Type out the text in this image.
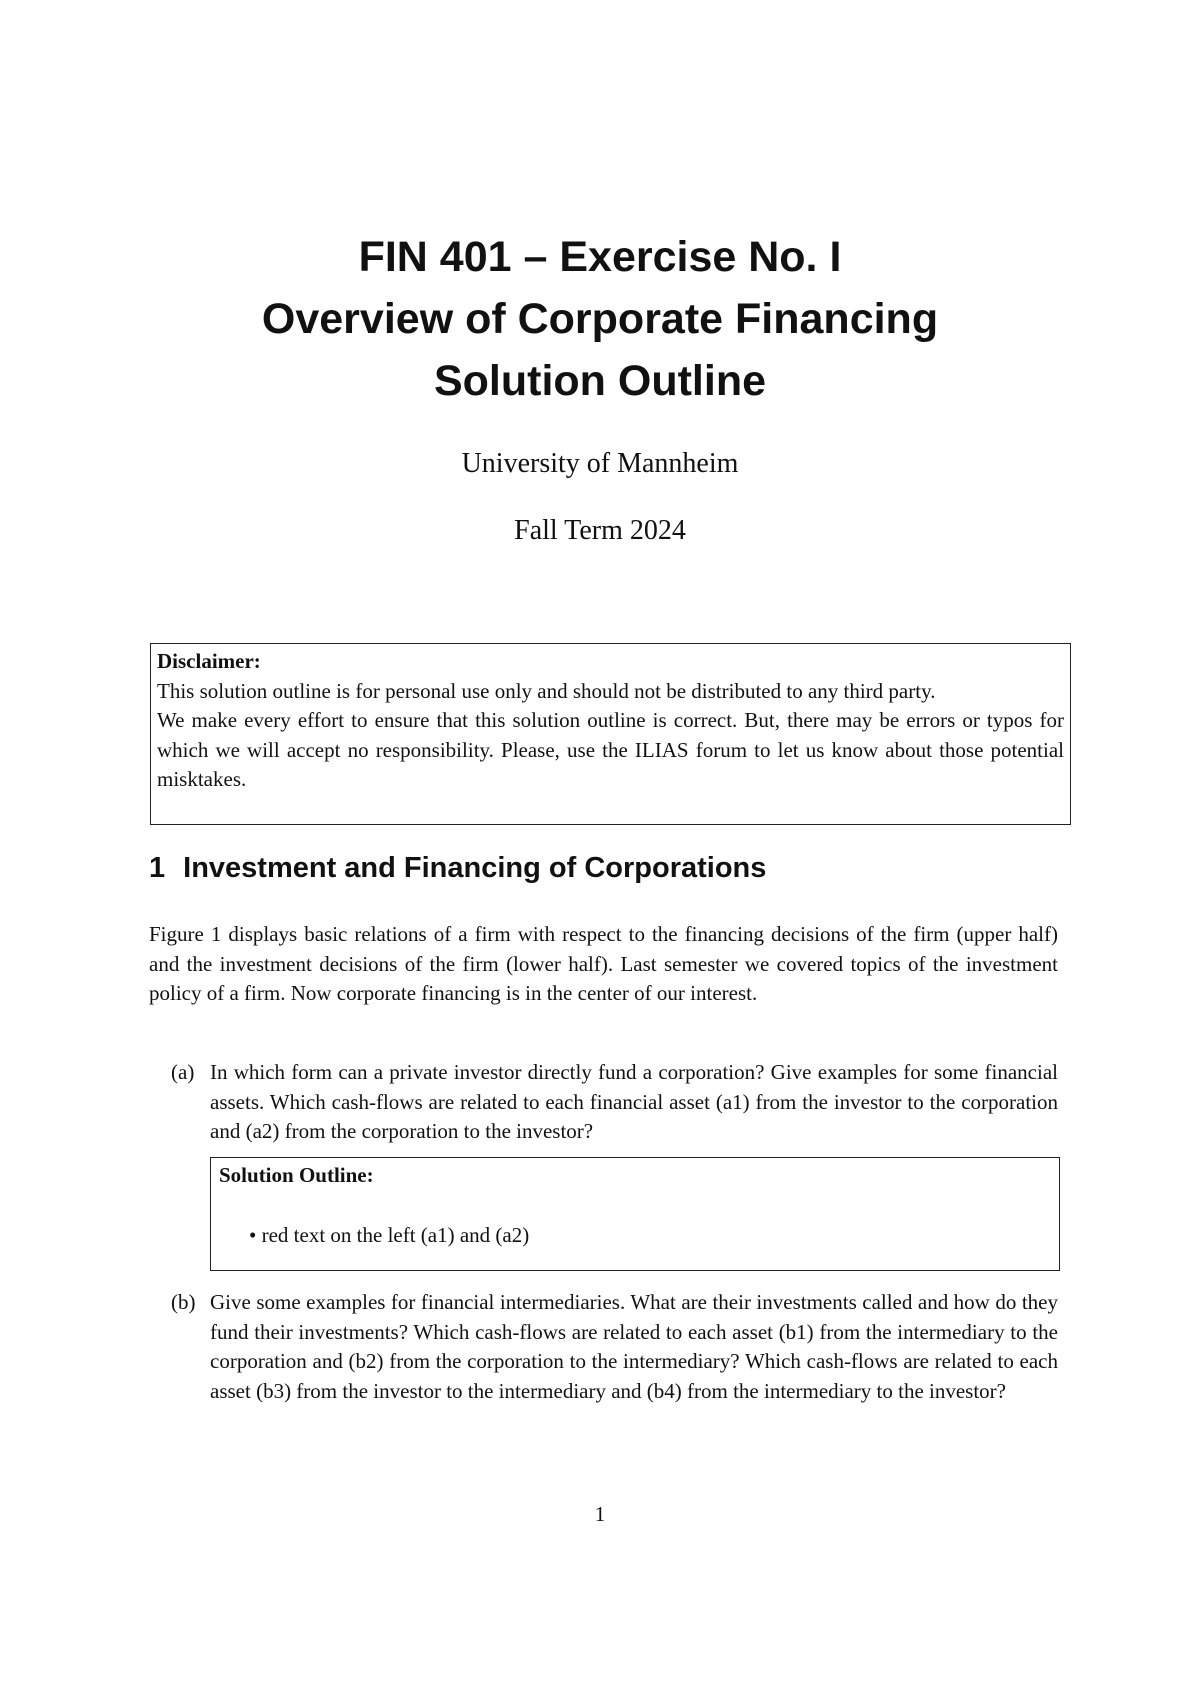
FIN 401 – Exercise No. I
Overview of Corporate Financing
Solution Outline
University of Mannheim
Fall Term 2024
Disclaimer:
This solution outline is for personal use only and should not be distributed to any third party.
We make every effort to ensure that this solution outline is correct. But, there may be errors or typos for which we will accept no responsibility. Please, use the ILIAS forum to let us know about those potential misktakes.
1 Investment and Financing of Corporations
Figure 1 displays basic relations of a firm with respect to the financing decisions of the firm (upper half) and the investment decisions of the firm (lower half). Last semester we covered topics of the investment policy of a firm. Now corporate financing is in the center of our interest.
(a) In which form can a private investor directly fund a corporation? Give examples for some financial assets. Which cash-flows are related to each financial asset (a1) from the investor to the corporation and (a2) from the corporation to the investor?
Solution Outline:
• red text on the left (a1) and (a2)
(b) Give some examples for financial intermediaries. What are their investments called and how do they fund their investments? Which cash-flows are related to each asset (b1) from the intermediary to the corporation and (b2) from the corporation to the intermediary? Which cash-flows are related to each asset (b3) from the investor to the intermediary and (b4) from the intermediary to the investor?
1
